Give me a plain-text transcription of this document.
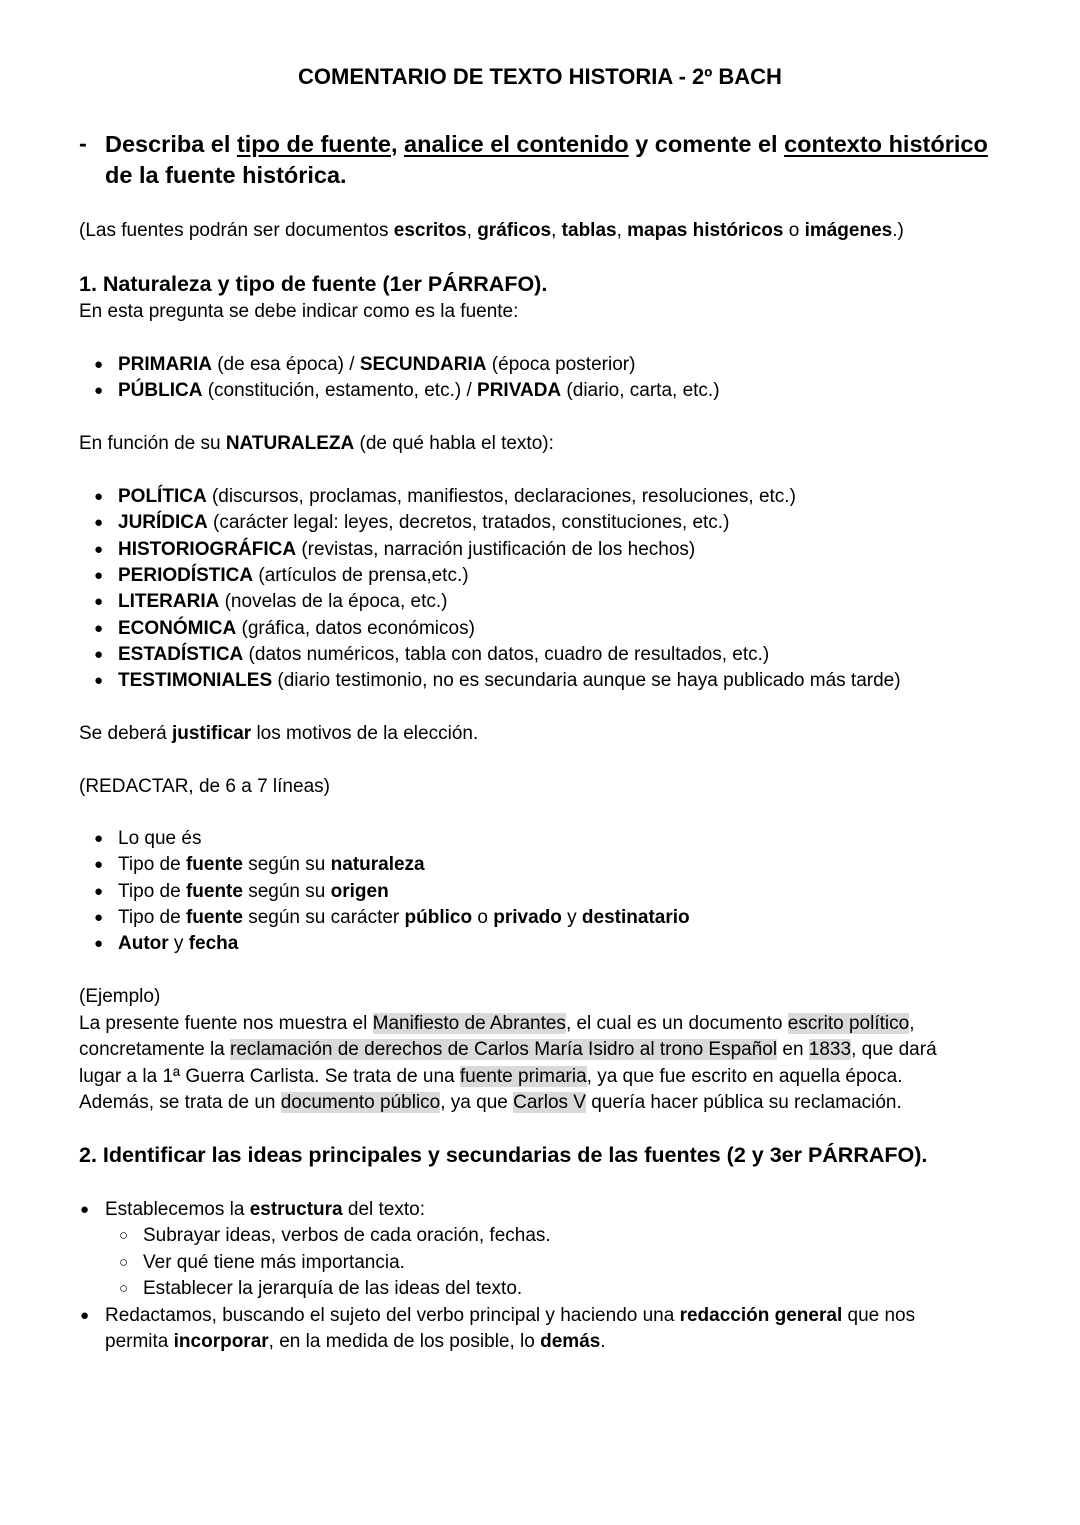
COMENTARIO DE TEXTO HISTORIA - 2º BACH
- Describa el tipo de fuente, analice el contenido y comente el contexto histórico
de la fuente histórica.
(Las fuentes podrán ser documentos escritos, gráficos, tablas, mapas históricos o imágenes.)
1. Naturaleza y tipo de fuente (1er PÁRRAFO).
En esta pregunta se debe indicar como es la fuente:
● PRIMARIA (de esa época) / SECUNDARIA (época posterior)
● PÚBLICA (constitución, estamento, etc.) / PRIVADA (diario, carta, etc.)
En función de su NATURALEZA (de qué habla el texto):
● POLÍTICA (discursos, proclamas, manifiestos, declaraciones, resoluciones, etc.)
● JURÍDICA (carácter legal: leyes, decretos, tratados, constituciones, etc.)
● HISTORIOGRÁFICA (revistas, narración justificación de los hechos)
● PERIODÍSTICA (artículos de prensa,etc.)
● LITERARIA (novelas de la época, etc.)
● ECONÓMICA (gráfica, datos económicos)
● ESTADÍSTICA (datos numéricos, tabla con datos, cuadro de resultados, etc.)
● TESTIMONIALES (diario testimonio, no es secundaria aunque se haya publicado más tarde)
Se deberá justificar los motivos de la elección.
(REDACTAR, de 6 a 7 líneas)
● Lo que és
● Tipo de fuente según su naturaleza
● Tipo de fuente según su origen
● Tipo de fuente según su carácter público o privado y destinatario
● Autor y fecha
(Ejemplo)
La presente fuente nos muestra el Manifiesto de Abrantes, el cual es un documento escrito político,
concretamente la reclamación de derechos de Carlos María Isidro al trono Español en 1833, que dará
lugar a la 1ª Guerra Carlista. Se trata de una fuente primaria, ya que fue escrito en aquella época.
Además, se trata de un documento público, ya que Carlos V quería hacer pública su reclamación.
2. Identificar las ideas principales y secundarias de las fuentes (2 y 3er PÁRRAFO).
● Establecemos la estructura del texto:
○ Subrayar ideas, verbos de cada oración, fechas.
○ Ver qué tiene más importancia.
○ Establecer la jerarquía de las ideas del texto.
● Redactamos, buscando el sujeto del verbo principal y haciendo una redacción general que nos
permita incorporar, en la medida de los posible, lo demás.
